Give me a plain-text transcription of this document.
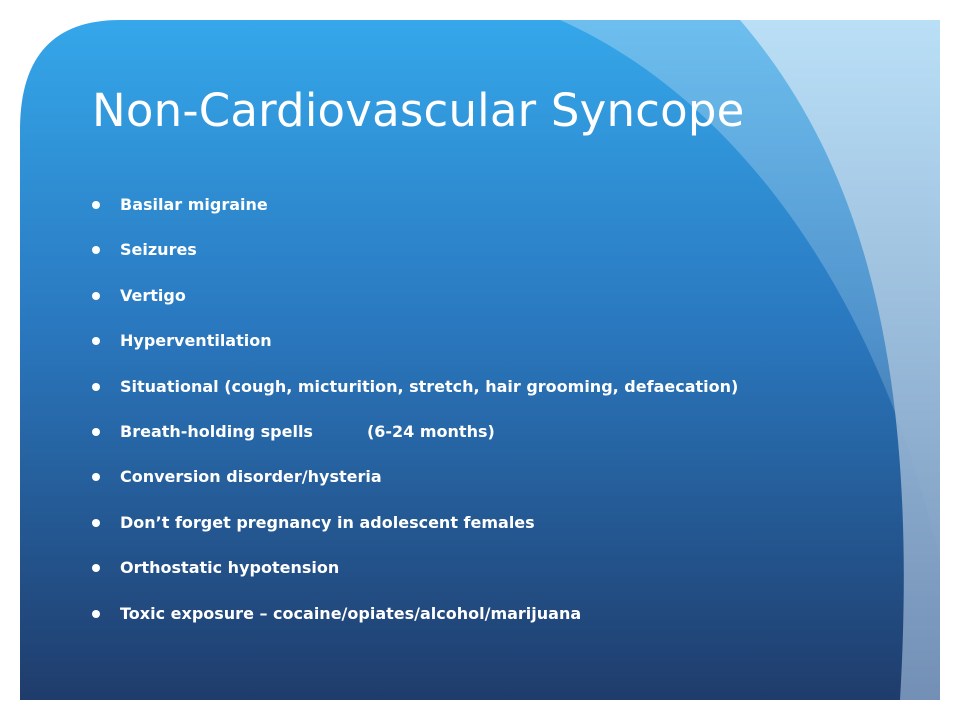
Non-Cardiovascular Syncope
Basilar migraine
Seizures
Vertigo
Hyperventilation
Situational (cough, micturition, stretch, hair grooming, defaecation)
Breath-holding spells	(6-24 months)
Conversion disorder/hysteria
Don’t forget pregnancy in adolescent females
Orthostatic hypotension
Toxic exposure – cocaine/opiates/alcohol/marijuana
